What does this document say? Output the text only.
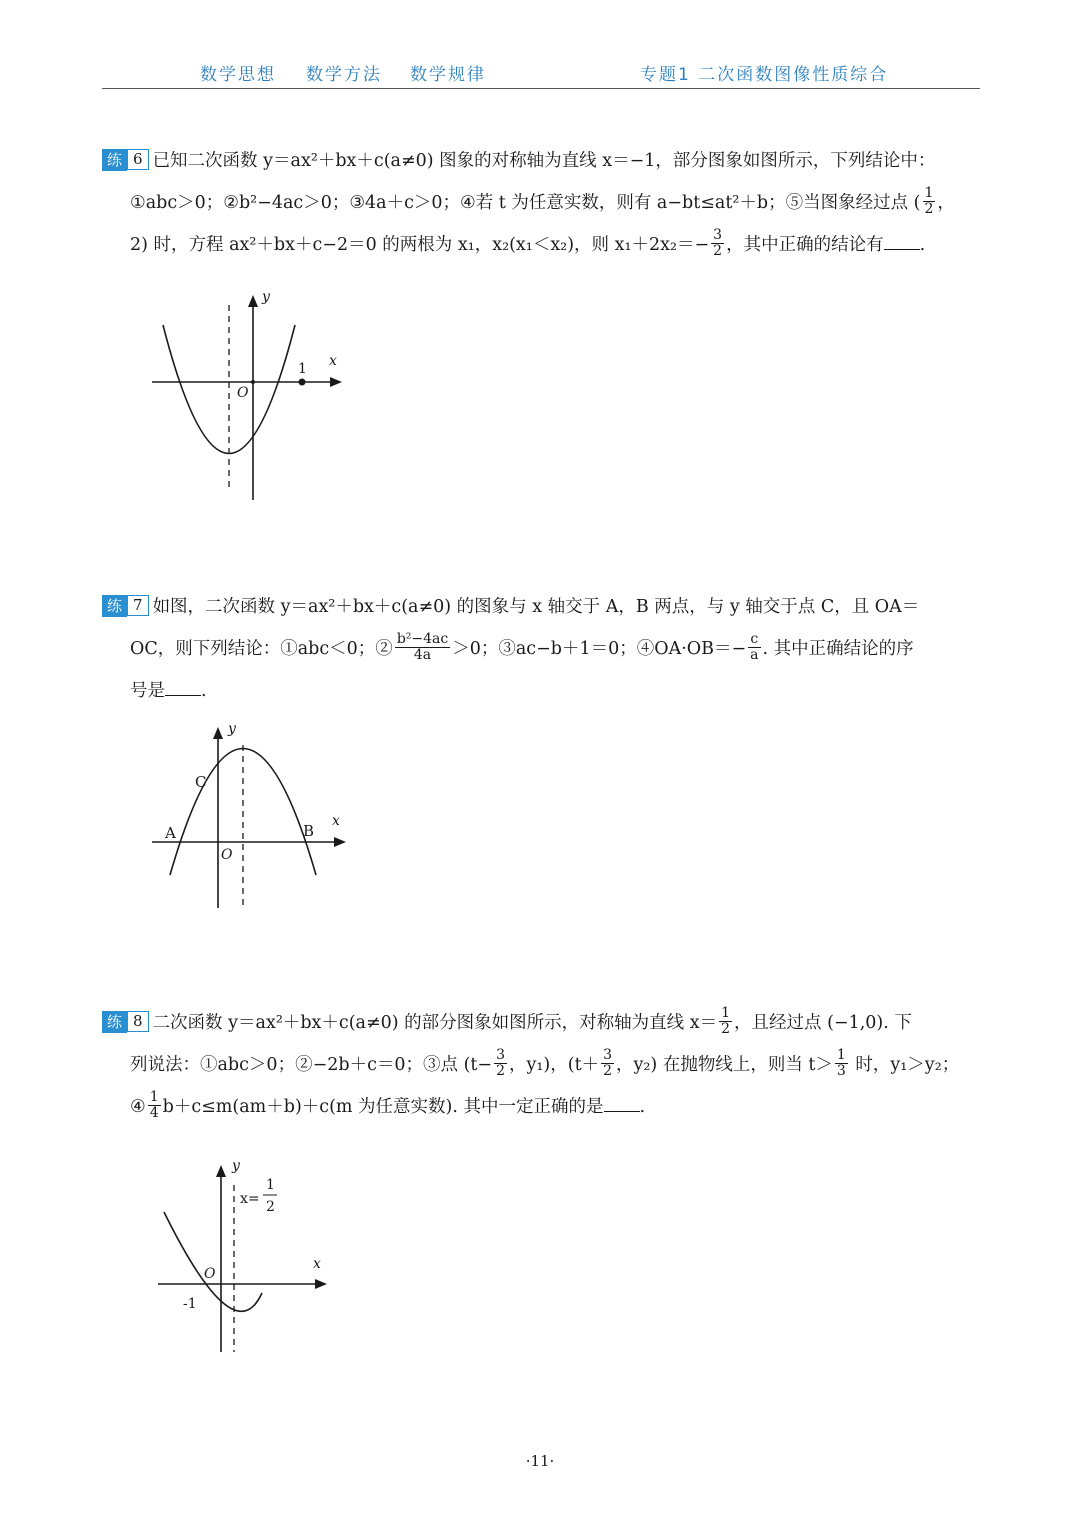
数学思想 数学方法 数学规律	专题1 二次函数图像性质综合
练 6 已知二次函数 y＝ax²＋bx＋c(a≠0) 图象的对称轴为直线 x＝−1，部分图象如图所示，下列结论中：
①abc＞0；②b²−4ac＞0；③4a＋c＞0；④若 t 为任意实数，则有 a−bt≤at²＋b；⑤当图象经过点 ( $\frac{1}{2}$ ，
2) 时，方程 ax²＋bx＋c−2＝0 的两根为 x₁，x₂(x₁＜x₂)，则 $x_1+2x_2=- \frac{3}{2}$ ，其中正确的结论有 .
y
x
O
1
练 7 如图，二次函数 y＝ax²＋bx＋c(a≠0) 的图象与 x 轴交于 A，B 两点，与 y 轴交于点 C，且 OA＝
OC，则下列结论：①abc＜0；② $\frac{\text{b²−4ac}}{4a} >0$；③ac−b＋1＝0；④OA·OB＝− $\frac{c}{a}$ . 其中正确结论的序
号是 .
y
x
O
A	B
C
练 8 二次函数 y＝ax²＋bx＋c(a≠0) 的部分图象如图所示，对称轴为直线 $x= \frac{1}{2}$ ，且经过点 (−1,0). 下
列说法：①abc＞0；②−2b＋c＝0；③点 ($t- \frac{3}{2}$ ，y₁)，($t+ \frac{3}{2}$ ，y₂) 在抛物线上，则当 $t> \frac{1}{3}$ 时，y₁＞y₂；
④ $\frac{1}{4} b+c\le m(am+b)+c(m$ 为任意实数). 其中一定正确的是 .
y
x
O
-1
x=
1
2
·11·
